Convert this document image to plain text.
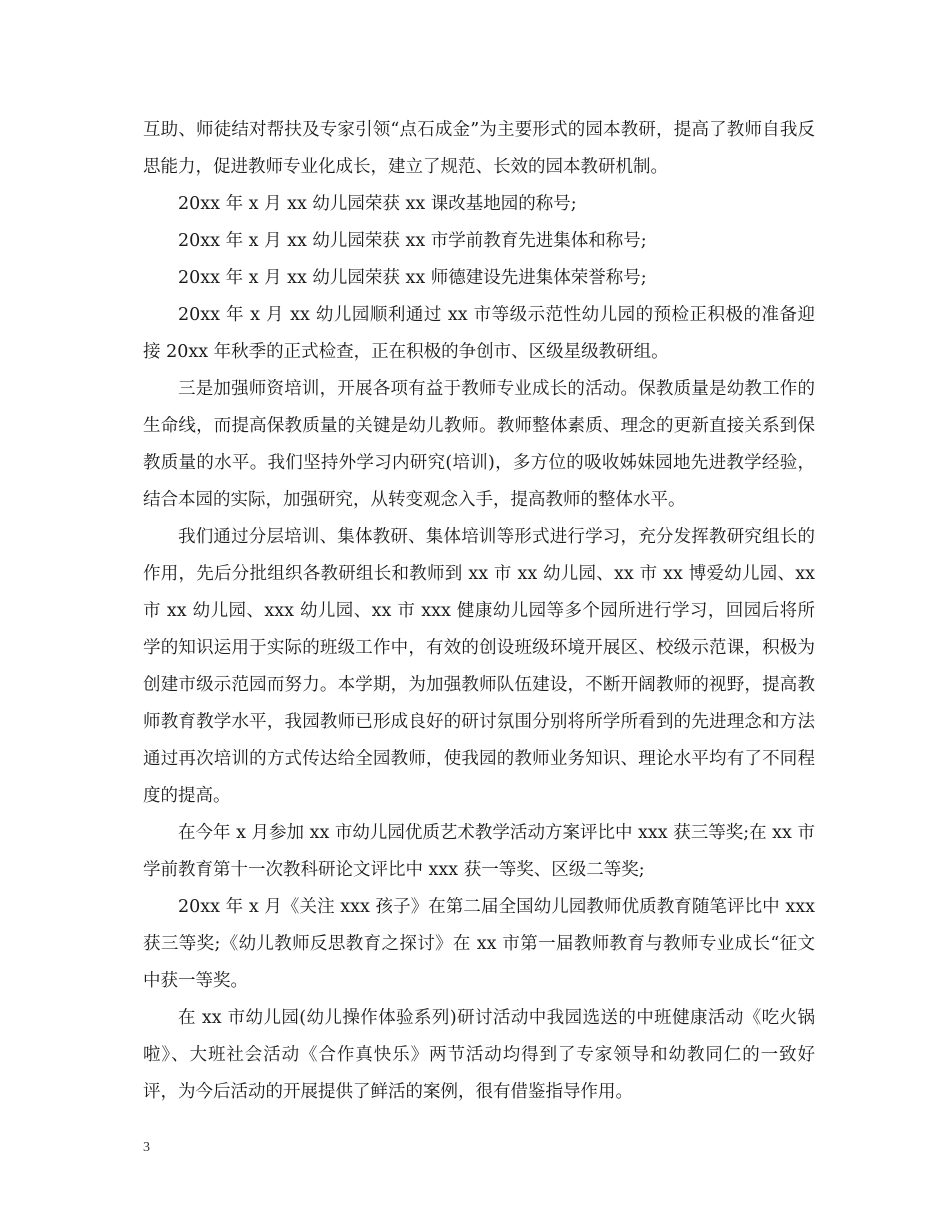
互助、师徒结对帮扶及专家引领“点石成金”为主要形式的园本教研，提高了教师自我反思能力，促进教师专业化成长，建立了规范、长效的园本教研机制。

20xx 年 x 月 xx 幼儿园荣获 xx 课改基地园的称号;

20xx 年 x 月 xx 幼儿园荣获 xx 市学前教育先进集体和称号;

20xx 年 x 月 xx 幼儿园荣获 xx 师德建设先进集体荣誉称号;

20xx 年 x 月 xx 幼儿园顺利通过 xx 市等级示范性幼儿园的预检正积极的准备迎接 20xx 年秋季的正式检查，正在积极的争创市、区级星级教研组。

三是加强师资培训，开展各项有益于教师专业成长的活动。保教质量是幼教工作的生命线，而提高保教质量的关键是幼儿教师。教师整体素质、理念的更新直接关系到保教质量的水平。我们坚持外学习内研究(培训)，多方位的吸收姊妹园地先进教学经验，结合本园的实际，加强研究，从转变观念入手，提高教师的整体水平。

我们通过分层培训、集体教研、集体培训等形式进行学习，充分发挥教研究组长的作用，先后分批组织各教研组长和教师到 xx 市 xx 幼儿园、xx 市 xx 博爱幼儿园、xx 市 xx 幼儿园、xxx 幼儿园、xx 市 xxx 健康幼儿园等多个园所进行学习，回园后将所学的知识运用于实际的班级工作中，有效的创设班级环境开展区、校级示范课，积极为创建市级示范园而努力。本学期，为加强教师队伍建设，不断开阔教师的视野，提高教师教育教学水平，我园教师已形成良好的研讨氛围分别将所学所看到的先进理念和方法通过再次培训的方式传达给全园教师，使我园的教师业务知识、理论水平均有了不同程度的提高。

在今年 x 月参加 xx 市幼儿园优质艺术教学活动方案评比中 xxx 获三等奖;在 xx 市学前教育第十一次教科研论文评比中 xxx 获一等奖、区级二等奖;

20xx 年 x 月《关注 xxx 孩子》在第二届全国幼儿园教师优质教育随笔评比中 xxx 获三等奖;《幼儿教师反思教育之探讨》在 xx 市第一届教师教育与教师专业成长“征文中获一等奖。

在 xx 市幼儿园(幼儿操作体验系列)研讨活动中我园选送的中班健康活动《吃火锅啦》、大班社会活动《合作真快乐》两节活动均得到了专家领导和幼教同仁的一致好评，为今后活动的开展提供了鲜活的案例，很有借鉴指导作用。

3
